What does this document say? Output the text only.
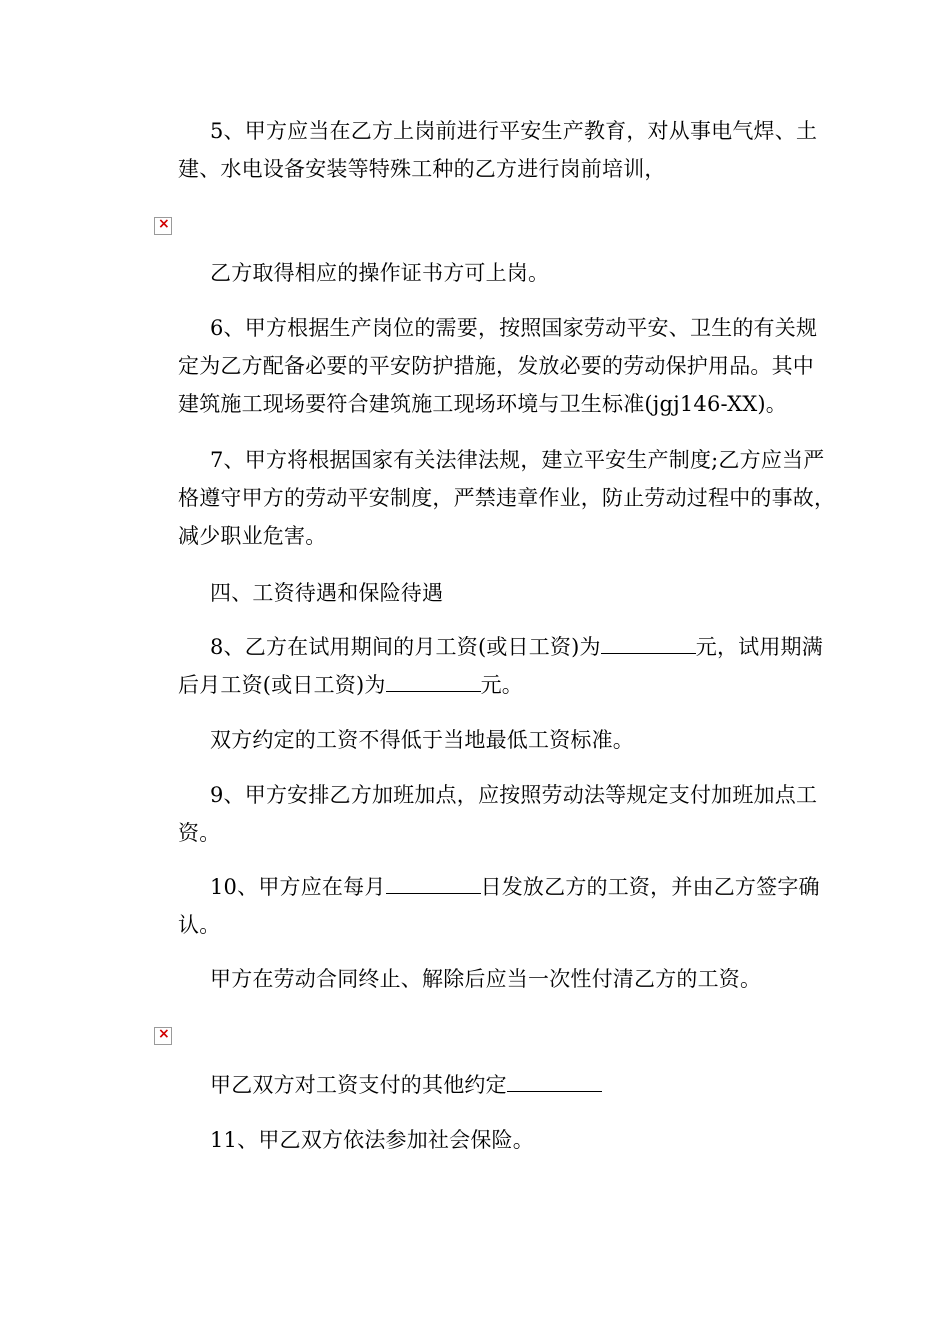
5、甲方应当在乙方上岗前进行平安生产教育，对从事电气焊、土
建、水电设备安装等特殊工种的乙方进行岗前培训，
×
乙方取得相应的操作证书方可上岗。
6、甲方根据生产岗位的需要，按照国家劳动平安、卫生的有关规
定为乙方配备必要的平安防护措施，发放必要的劳动保护用品。其中
建筑施工现场要符合建筑施工现场环境与卫生标准(jgj146-XX)。
7、甲方将根据国家有关法律法规，建立平安生产制度;乙方应当严
格遵守甲方的劳动平安制度，严禁违章作业，防止劳动过程中的事故，
减少职业危害。
四、工资待遇和保险待遇
8、乙方在试用期间的月工资(或日工资)为	元，试用期满
后月工资(或日工资)为	元。
双方约定的工资不得低于当地最低工资标准。
9、甲方安排乙方加班加点，应按照劳动法等规定支付加班加点工
资。
10、甲方应在每月	日发放乙方的工资，并由乙方签字确
认。
甲方在劳动合同终止、解除后应当一次性付清乙方的工资。
×
甲乙双方对工资支付的其他约定
11、甲乙双方依法参加社会保险。
